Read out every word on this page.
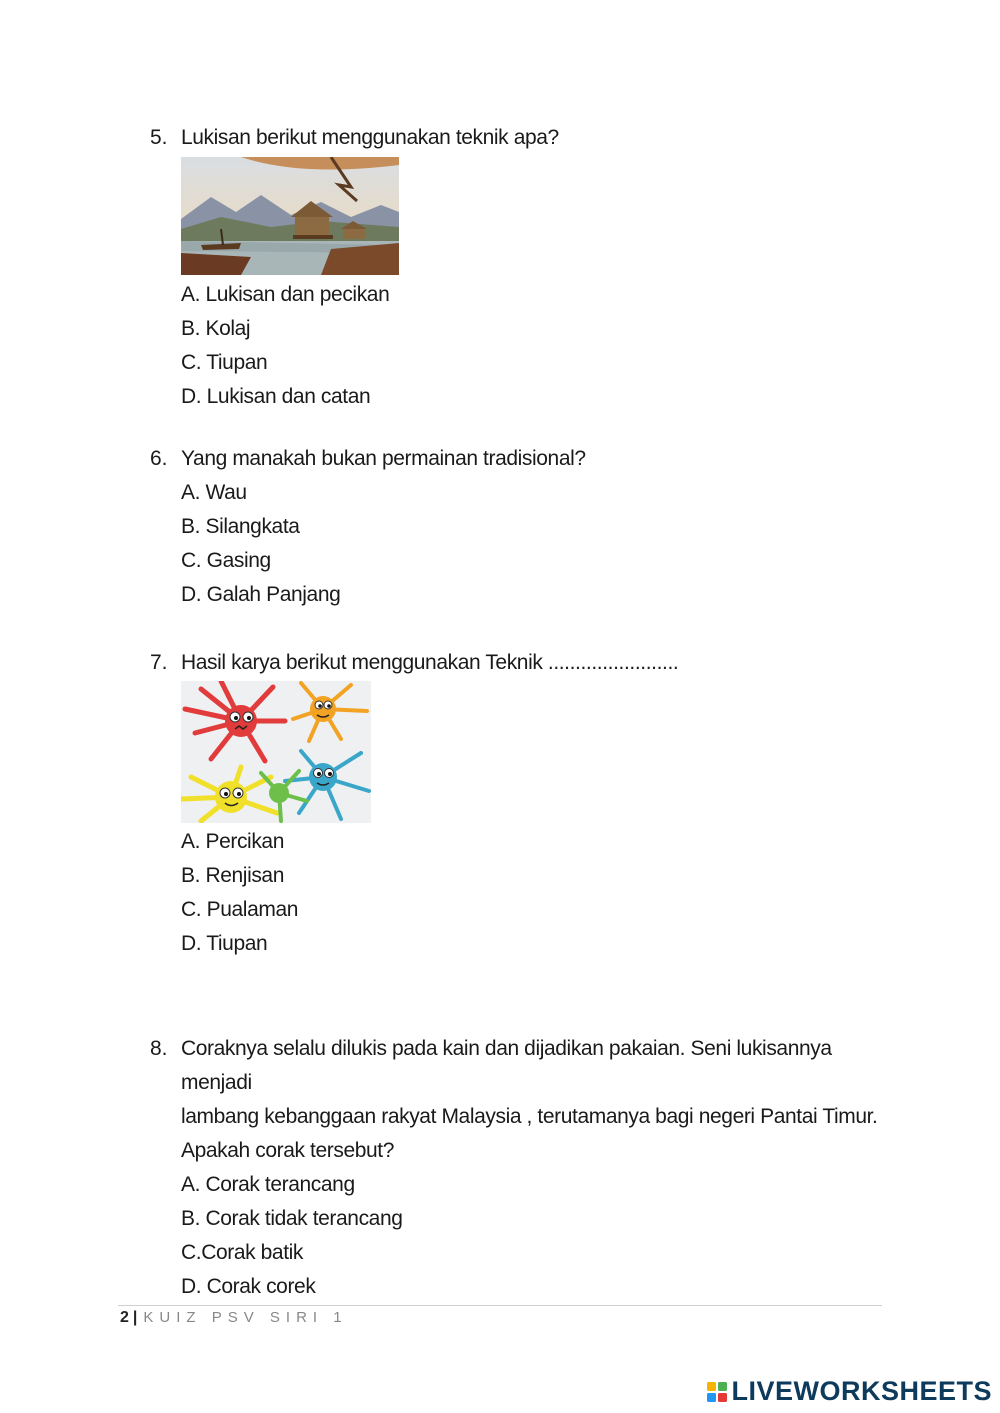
5. Lukisan berikut menggunakan teknik apa?
A. Lukisan dan pecikan
B. Kolaj
C. Tiupan
D. Lukisan dan catan
6. Yang manakah bukan permainan tradisional?
A. Wau
B. Silangkata
C. Gasing
D. Galah Panjang
7. Hasil karya berikut menggunakan Teknik ........................
A. Percikan
B. Renjisan
C. Pualaman
D. Tiupan
8. Coraknya selalu dilukis pada kain dan dijadikan pakaian. Seni lukisannya menjadi
lambang kebanggaan rakyat Malaysia , terutamanya bagi negeri Pantai Timur.
Apakah corak tersebut?
A. Corak terancang
B. Corak tidak terancang
C.Corak batik
D. Corak corek
2 | KUIZ PSV SIRI 1
LIVEWORKSHEETS
